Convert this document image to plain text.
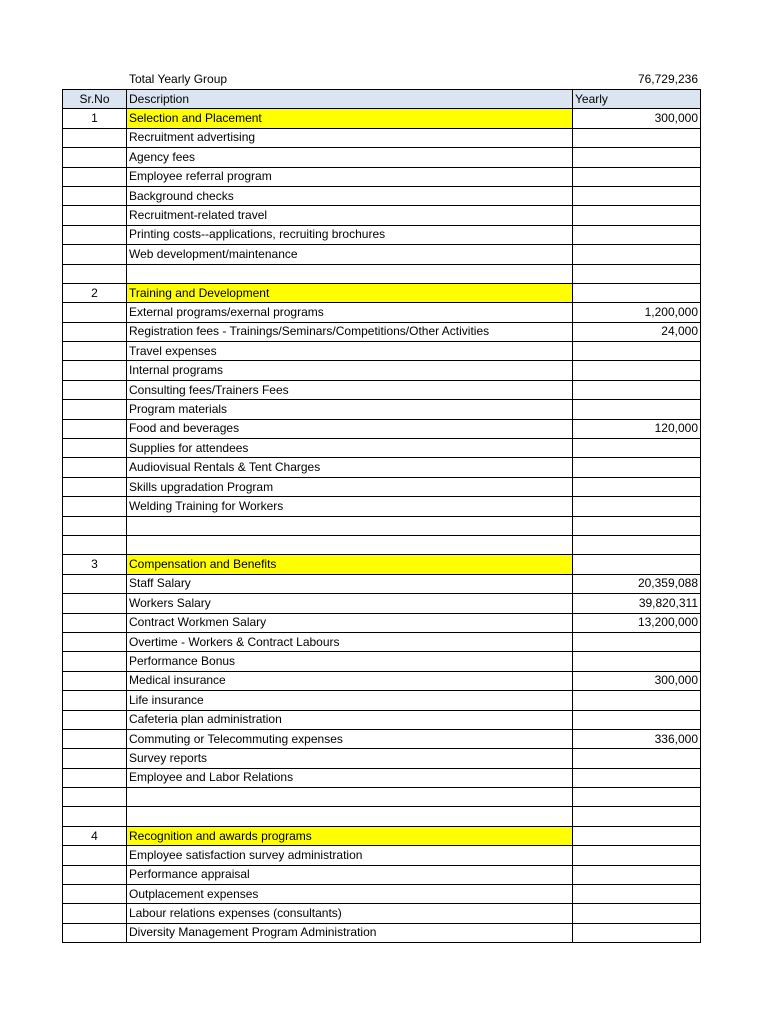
Total Yearly Group	76,729,236
Sr.No	Description	Yearly
1	Selection and Placement	300,000
	Recruitment advertising	
	Agency fees	
	Employee referral program	
	Background checks	
	Recruitment-related travel	
	Printing costs--applications, recruiting brochures	
	Web development/maintenance	

2	Training and Development	
	External programs/exernal programs	1,200,000
	Registration fees - Trainings/Seminars/Competitions/Other Activities	24,000
	Travel expenses	
	Internal programs	
	Consulting fees/Trainers Fees	
	Program materials	
	Food and beverages	120,000
	Supplies for attendees	
	Audiovisual Rentals & Tent Charges	
	Skills upgradation Program	
	Welding Training for Workers	

3	Compensation and Benefits	
	Staff Salary	20,359,088
	Workers Salary	39,820,311
	Contract Workmen Salary	13,200,000
	Overtime - Workers & Contract Labours	
	Performance Bonus	
	Medical insurance	300,000
	Life insurance	
	Cafeteria plan administration	
	Commuting or Telecommuting expenses	336,000
	Survey reports	
	Employee and Labor Relations	

4	Recognition and awards programs	
	Employee satisfaction survey administration	
	Performance appraisal	
	Outplacement expenses	
	Labour relations expenses (consultants)	
	Diversity Management Program Administration	
